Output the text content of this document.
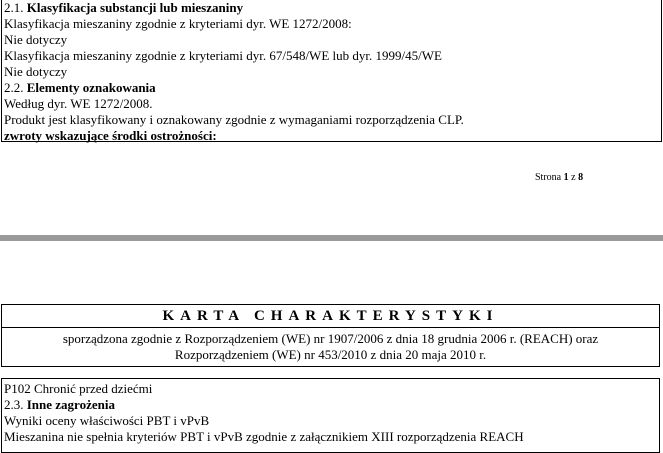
2.1. Klasyfikacja substancji lub mieszaniny
Klasyfikacja mieszaniny zgodnie z kryteriami dyr. WE 1272/2008:
Nie dotyczy
Klasyfikacja mieszaniny zgodnie z kryteriami dyr. 67/548/WE lub dyr. 1999/45/WE
Nie dotyczy
2.2. Elementy oznakowania
Według dyr. WE 1272/2008.
Produkt jest klasyfikowany i oznakowany zgodnie z wymaganiami rozporządzenia CLP.
zwroty wskazujące środki ostrożności:
Strona 1 z 8
KARTA CHARAKTERYSTYKI
sporządzona zgodnie z Rozporządzeniem (WE) nr 1907/2006 z dnia 18 grudnia 2006 r. (REACH) oraz
Rozporządzeniem (WE) nr 453/2010 z dnia 20 maja 2010 r.
P102 Chronić przed dziećmi
2.3. Inne zagrożenia
Wyniki oceny właściwości PBT i vPvB
Mieszanina nie spełnia kryteriów PBT i vPvB zgodnie z załącznikiem XIII rozporządzenia REACH
